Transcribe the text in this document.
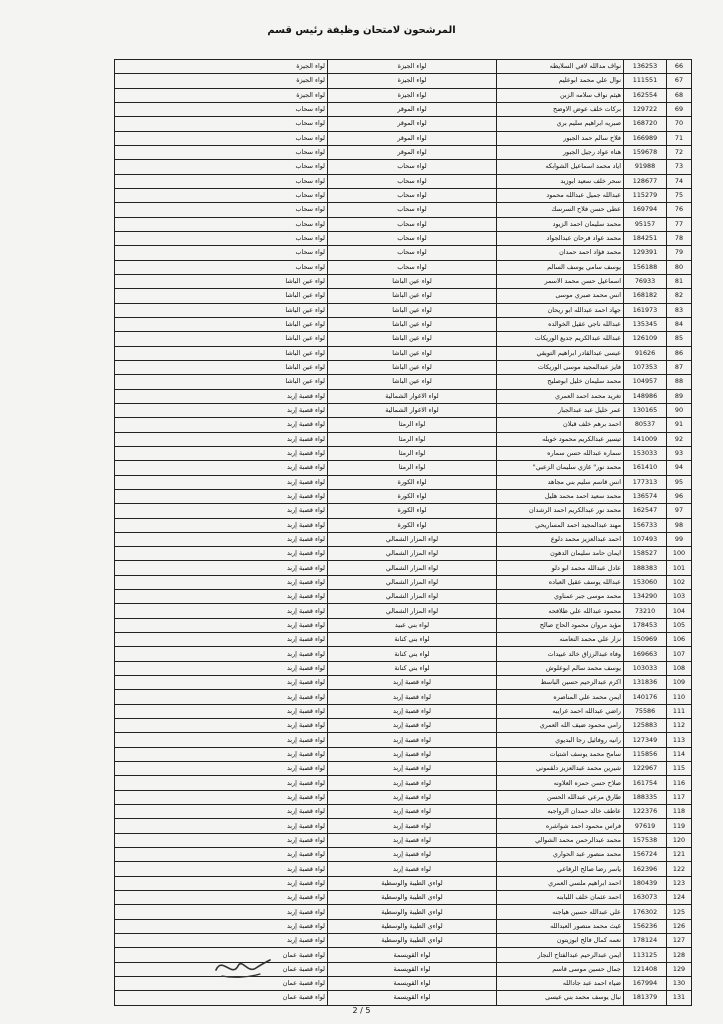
المرشحون لامتحان وظيفة رئيس قسم
66	136253	نواف مدالله لافي السلايطه	لواء الجيزة	لواء الجيزة
67	111551	نوال علي محمد ابوعليم	لواء الجيزة	لواء الجيزة
68	162554	هيثم نواف سلامه الزبن	لواء الجيزة	لواء الجيزة
69	129722	بركات خلف عوض الاوضح	لواء الموقر	لواء سحاب
70	168720	صبريه ابراهيم سليم بري	لواء الموقر	لواء سحاب
71	166989	فلاح سالم حمد الجبور	لواء الموقر	لواء سحاب
72	159678	هناء عواد رجيل الجبور	لواء الموقر	لواء سحاب
73	91988	اياد محمد اسماعيل الشوابكه	لواء سحاب	لواء سحاب
74	128677	سحر خلف سعيد ابوزيد	لواء سحاب	لواء سحاب
75	115279	عبدالله جميل عبدالله محمود	لواء سحاب	لواء سحاب
76	169794	عطى حسن فلاح السرسك	لواء سحاب	لواء سحاب
77	95157	محمد سليمان احمد الزيود	لواء سحاب	لواء سحاب
78	184251	محمد عواد فرحان عبدالجواد	لواء سحاب	لواء سحاب
79	129391	محمد فؤاد احمد حمدان	لواء سحاب	لواء سحاب
80	156188	يوسف سامي يوسف السالم	لواء سحاب	لواء سحاب
81	76933	اسماعيل حسن محمد الاسمر	لواء عين الباشا	لواء عين الباشا
82	168182	انس محمد صبري موسى	لواء عين الباشا	لواء عين الباشا
83	161973	جهاد احمد عبدالله ابو ريحان	لواء عين الباشا	لواء عين الباشا
84	135345	عبدالله ناجي عقيل الخوالده	لواء عين الباشا	لواء عين الباشا
85	126109	عبدالله عبدالكريم جديع الوريكات	لواء عين الباشا	لواء عين الباشا
86	91626	عيسى عبدالقادر ابراهيم التويقي	لواء عين الباشا	لواء عين الباشا
87	107353	فايز عبدالمجيد موسى الوريكات	لواء عين الباشا	لواء عين الباشا
88	104957	محمد سليمان خليل ابوصليح	لواء عين الباشا	لواء عين الباشا
89	148986	تغريد محمد احمد العمري	لواء الاغوار الشمالية	لواء قصبة إربد
90	130165	عمر خليل عبد عبدالجبار	لواء الاغوار الشمالية	لواء قصبة إربد
91	80537	احمد برهم خلف قبلان	لواء الرمثا	لواء قصبة إربد
92	141009	تيسير عبدالكريم محمود خويله	لواء الرمثا	لواء قصبة إربد
93	153033	سماره عبدالله حسن سماره	لواء الرمثا	لواء قصبة إربد
94	161410	محمد نور" غازي سليمان الزعبي"	لواء الرمثا	لواء قصبة إربد
95	177313	انس قاسم سليم بني مجاهد	لواء الكورة	لواء قصبة إربد
96	136574	محمد سعيد احمد محمد هليل	لواء الكورة	لواء قصبة إربد
97	162547	محمد نور عبدالكريم احمد الرشدان	لواء الكورة	لواء قصبة إربد
98	156733	مهند عبدالمجيد احمد المساريحي	لواء الكورة	لواء قصبة إربد
99	107493	احمد عبدالعزيز محمد دلوع	لواء المزار الشمالي	لواء قصبة إربد
100	158527	ايمان حامد سليمان الدهون	لواء المزار الشمالي	لواء قصبة إربد
101	188383	عادل عبدالله محمد ابو دلو	لواء المزار الشمالي	لواء قصبة إربد
102	153060	عبدالله يوسف عقيل العباده	لواء المزار الشمالي	لواء قصبة إربد
103	134290	محمد موسى جبر عمناوي	لواء المزار الشمالي	لواء قصبة إربد
104	73210	محمود عبدالله علي طلافحه	لواء المزار الشمالي	لواء قصبة إربد
105	178453	مؤيد مروان محمود الحاج صالح	لواء بني عبيد	لواء قصبة إربد
106	150969	نزار علي محمد النعامنه	لواء بني كنانة	لواء قصبة إربد
107	169663	وفاء عبدالرزاق خالد عبيدات	لواء بني كنانة	لواء قصبة إربد
108	103033	يوسف محمد سالم ابوعلوش	لواء بني كنانة	لواء قصبة إربد
109	131836	اكرم عبدالرحيم حسين الباسط	لواء قصبة إربد	لواء قصبة إربد
110	140176	ايمن محمد علي المناصره	لواء قصبة إربد	لواء قصبة إربد
111	75586	راضي عبدالله احمد غرايبه	لواء قصبة إربد	لواء قصبة إربد
112	125883	رامي محمود ضيف الله العمري	لواء قصبة إربد	لواء قصبة إربد
113	127349	رانيه روفائيل رجا البديوي	لواء قصبة إربد	لواء قصبة إربد
114	115856	سامح محمد يوسف اشتيات	لواء قصبة إربد	لواء قصبة إربد
115	122967	شيرين محمد عبدالعزيز دلقموني	لواء قصبة إربد	لواء قصبة إربد
116	161754	صلاح حسن حمزه العلاونه	لواء قصبة إربد	لواء قصبة إربد
117	188335	طارق مرعي عبدالله الحسن	لواء قصبة إربد	لواء قصبة إربد
118	122376	عاطف خالد حمدان الرواجبه	لواء قصبة إربد	لواء قصبة إربد
119	97619	فراس محمود احمد شواشره	لواء قصبة إربد	لواء قصبة إربد
120	157538	محمد عبدالرحمن محمد الشوالي	لواء قصبة إربد	لواء قصبة إربد
121	156724	محمد منصور عبد الحواري	لواء قصبة إربد	لواء قصبة إربد
122	162396	ياسر رضا صالح الرفاعي	لواء قصبة إربد	لواء قصبة إربد
123	180439	احمد ابراهيم ملسي العمري	لواءي الطيبة والوسطية	لواء قصبة إربد
124	163073	احمد عثمان خلف اللبابنه	لواءي الطيبة والوسطية	لواء قصبة إربد
125	176302	علي عبدالله حسين هياجنه	لواءي الطيبة والوسطية	لواء قصبة إربد
126	156236	غيث محمد منصور العبدالله	لواءي الطيبة والوسطية	لواء قصبة إربد
127	178124	نعمه كمال فالح ابوزيتون	لواءي الطيبة والوسطية	لواء قصبة إربد
128	113125	ايمن عبدالرحيم عبدالفتاح النجار	لواء القويسمة	لواء قصبة عمان
129	121408	جمال حسين موسى قاسم	لواء القويسمة	لواء قصبة عمان
130	167994	ضياء احمد عبد جادالله	لواء القويسمة	لواء قصبة عمان
131	181379	نبال يوسف محمد بني عيسى	لواء القويسمة	لواء قصبة عمان
2 / 5
